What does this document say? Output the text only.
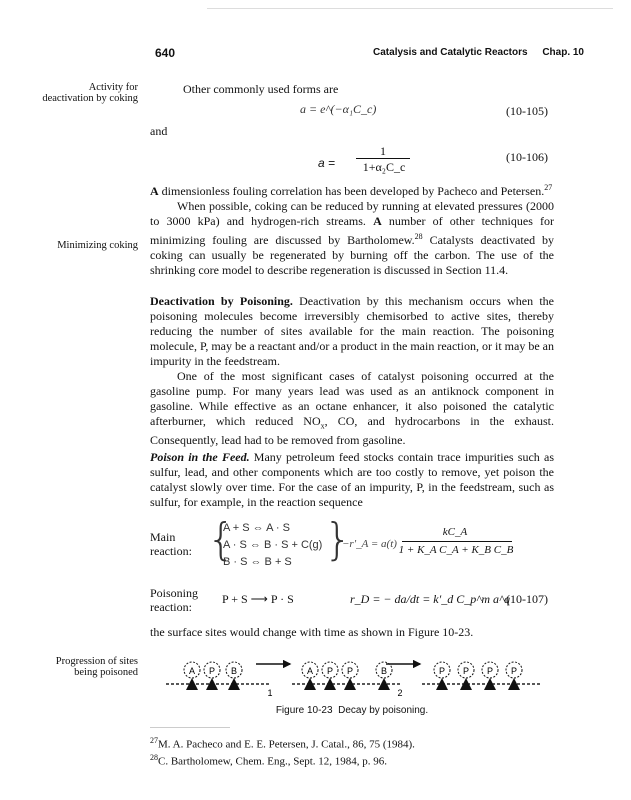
640	Catalysis and Catalytic Reactors Chap. 10
Activity for deactivation by coking
Minimizing coking
Progression of sites being poisoned
Other commonly used forms are
a = e^(−α₁C_c)	(10-105)
and
a =
1
1+α₂C_c
(10-106)

A dimensionless fouling correlation has been developed by Pacheco and Petersen.$^{27}$

When possible, coking can be reduced by running at elevated pressures (2000 to 3000 kPa) and hydrogen-rich streams. A number of other techniques for minimizing fouling are discussed by Bartholomew.$^{28}$ Catalysts deactivated by coking can usually be regenerated by burning off the carbon. The use of the shrinking core model to describe regeneration is discussed in Section 11.4.

Deactivation by Poisoning. Deactivation by this mechanism occurs when the poisoning molecules become irreversibly chemisorbed to active sites, thereby reducing the number of sites available for the main reaction. The poisoning molecule, P, may be a reactant and/or a product in the main reaction, or it may be an impurity in the feedstream.

One of the most significant cases of catalyst poisoning occurred at the gasoline pump. For many years lead was used as an antiknock component in gasoline. While effective as an octane enhancer, it also poisoned the catalytic afterburner, which reduced $NO_x$, CO, and hydrocarbons in the exhaust. Consequently, lead had to be removed from gasoline.

Poison in the Feed. Many petroleum feed stocks contain trace impurities such as sulfur, lead, and other components which are too costly to remove, yet poison the catalyst slowly over time. For the case of an impurity, P, in the feedstream, such as sulfur, for example, in the reaction sequence

Main
reaction: {
A + S ⇔ A · S
A · S ⇔ B · S + C(g)
B · S ⇔ B + S }
−r′_A = a(t)
kC_A
1 + K_A C_A + K_B C_B
Poisoning
reaction:
P + S ⟶ P · S	r_D = − da/dt = k′_d C_p^m a^q
(10-107)
the surface sites would change with time as shown in Figure 10-23.
A P B
1
A P P	B
2
P P P P
Figure 10-23 Decay by poisoning.
$^{27}$M. A. Pacheco and E. E. Petersen, J. Catal., 86, 75 (1984).
$^{28}$C. Bartholomew, Chem. Eng., Sept. 12, 1984, p. 96.
